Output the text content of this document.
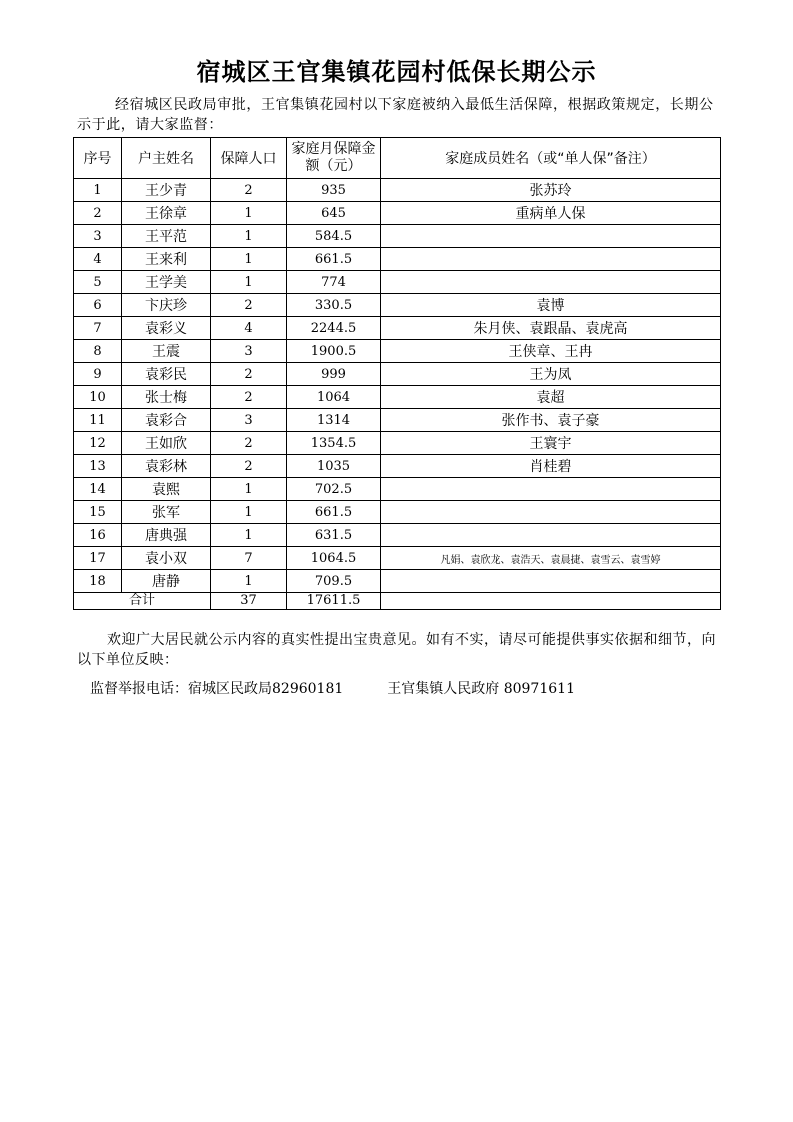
宿城区王官集镇花园村低保长期公示
经宿城区民政局审批，王官集镇花园村以下家庭被纳入最低生活保障，根据政策规定，长期公示于此，请大家监督：
序号	户主姓名	保障人口	家庭月保障金额（元）	家庭成员姓名（或“单人保”备注）
1	王少青	2	935	张苏玲
2	王徐章	1	645	重病单人保
3	王平范	1	584.5	
4	王来利	1	661.5	
5	王学美	1	774	
6	卞庆珍	2	330.5	袁博
7	袁彩义	4	2244.5	朱月侠、袁跟晶、袁虎高
8	王震	3	1900.5	王侠章、王冉
9	袁彩民	2	999	王为凤
10	张士梅	2	1064	袁超
11	袁彩合	3	1314	张作书、袁子豪
12	王如欣	2	1354.5	王寰宇
13	袁彩林	2	1035	肖桂碧
14	袁熙	1	702.5	
15	张军	1	661.5	
16	唐典强	1	631.5	
17	袁小双	7	1064.5	凡娟、袁欣龙、袁浩天、袁晨捷、袁雪云、袁雪婷
18	唐静	1	709.5	
合计		37	17611.5	
欢迎广大居民就公示内容的真实性提出宝贵意见。如有不实，请尽可能提供事实依据和细节，向以下单位反映：
监督举报电话：宿城区民政局82960181	王官集镇人民政府 80971611
